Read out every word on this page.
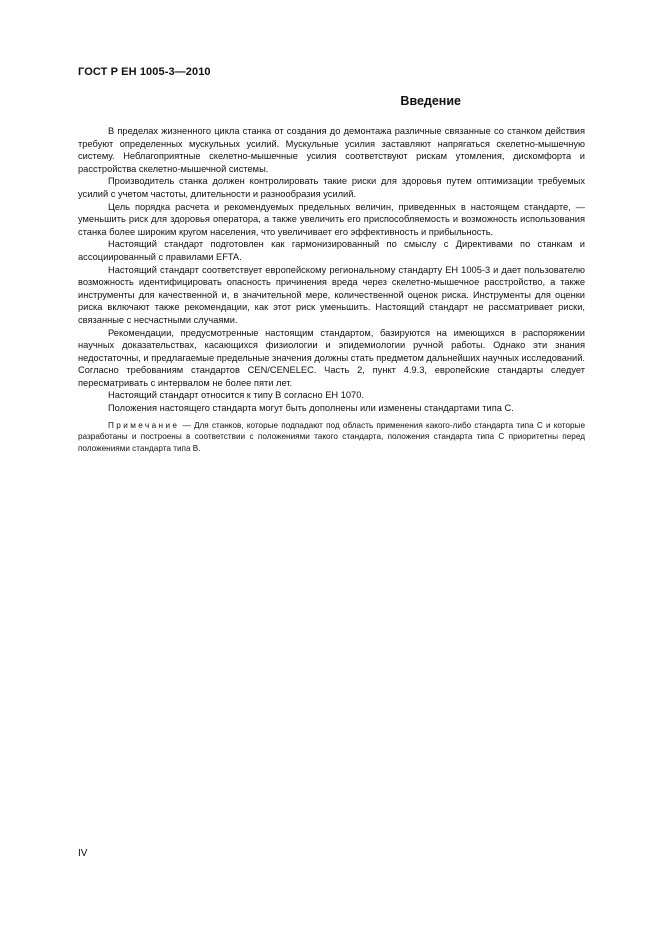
ГОСТ Р ЕН 1005-3—2010
Введение

В пределах жизненного цикла станка от создания до демонтажа различные связанные со станком действия требуют определенных мускульных усилий. Мускульные усилия заставляют напрягаться скелетно-мышечную систему. Неблагоприятные скелетно-мышечные усилия соответствуют рискам утомления, дискомфорта и расстройства скелетно-мышечной системы.

Производитель станка должен контролировать такие риски для здоровья путем оптимизации требуемых усилий с учетом частоты, длительности и разнообразия усилий.

Цель порядка расчета и рекомендуемых предельных величин, приведенных в настоящем стандарте, — уменьшить риск для здоровья оператора, а также увеличить его приспособляемость и возможность использования станка более широким кругом населения, что увеличивает его эффективность и прибыльность.

Настоящий стандарт подготовлен как гармонизированный по смыслу с Директивами по станкам и ассоциированный с правилами EFTA.

Настоящий стандарт соответствует европейскому региональному стандарту ЕН 1005-3 и дает пользователю возможность идентифицировать опасность причинения вреда через скелетно-мышечное расстройство, а также инструменты для качественной и, в значительной мере, количественной оценок риска. Инструменты для оценки риска включают также рекомендации, как этот риск уменьшить. Настоящий стандарт не рассматривает риски, связанные с несчастными случаями.

Рекомендации, предусмотренные настоящим стандартом, базируются на имеющихся в распоряжении научных доказательствах, касающихся физиологии и эпидемиологии ручной работы. Однако эти знания недостаточны, и предлагаемые предельные значения должны стать предметом дальнейших научных исследований. Согласно требованиям стандартов CEN/CENELEC. Часть 2, пункт 4.9.3, европейские стандарты следует пересматривать с интервалом не более пяти лет.

Настоящий стандарт относится к типу В согласно ЕН 1070.

Положения настоящего стандарта могут быть дополнены или изменены стандартами типа С.

Примечание — Для станков, которые подпадают под область применения какого-либо стандарта типа С и которые разработаны и построены в соответствии с положениями такого стандарта, положения стандарта типа С приоритетны перед положениями стандарта типа В.

IV
